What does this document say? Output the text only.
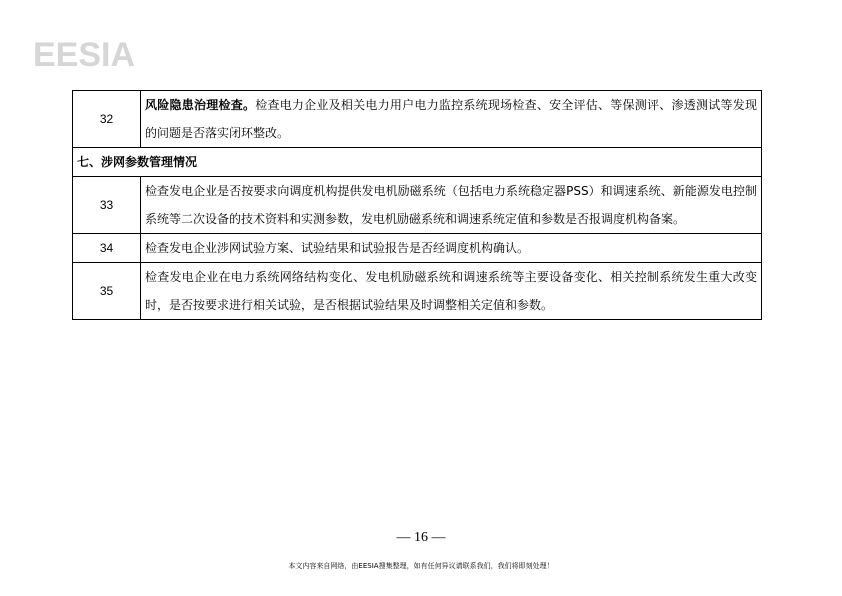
EESIA
32	风险隐患治理检查。检查电力企业及相关电力用户电力监控系统现场检查、安全评估、等保测评、渗透测试等发现的问题是否落实闭环整改。
七、涉网参数管理情况	
33	检查发电企业是否按要求向调度机构提供发电机励磁系统（包括电力系统稳定器PSS）和调速系统、新能源发电控制系统等二次设备的技术资料和实测参数，发电机励磁系统和调速系统定值和参数是否报调度机构备案。
34	检查发电企业涉网试验方案、试验结果和试验报告是否经调度机构确认。
35	检查发电企业在电力系统网络结构变化、发电机励磁系统和调速系统等主要设备变化、相关控制系统发生重大改变时，是否按要求进行相关试验，是否根据试验结果及时调整相关定值和参数。
— 16 —
本文内容来自网络，由EESIA搜集整理，如有任何异议请联系我们，我们将即刻处理！
